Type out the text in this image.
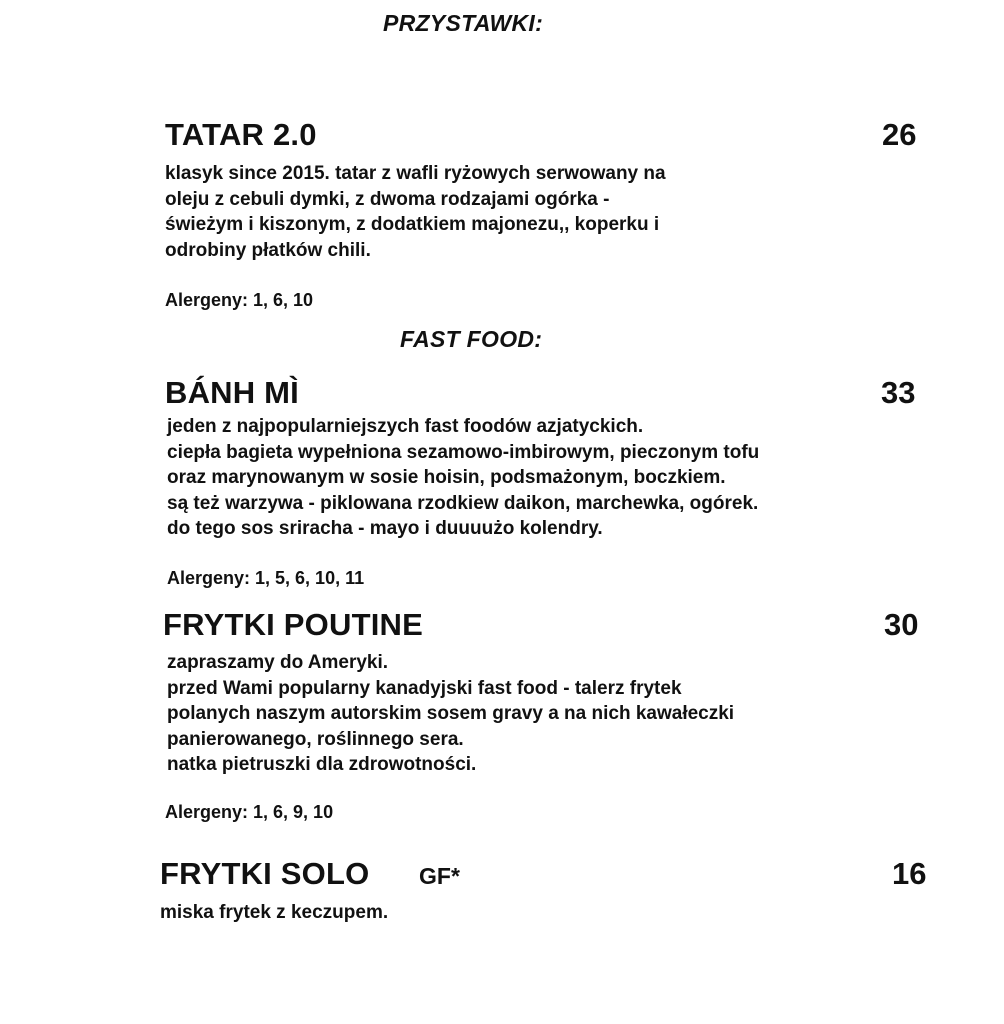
PRZYSTAWKI:
TATAR 2.0	26
klasyk since 2015. tatar z wafli ryżowych serwowany na
oleju z cebuli dymki, z dwoma rodzajami ogórka -
świeżym i kiszonym, z dodatkiem majonezu,, koperku i
odrobiny płatków chili.
Alergeny: 1, 6, 10
FAST FOOD:
BÁNH MÌ	33
jeden z najpopularniejszych fast foodów azjatyckich.
ciepła bagieta wypełniona sezamowo-imbirowym, pieczonym tofu
oraz marynowanym w sosie hoisin, podsmażonym, boczkiem.
są też warzywa - piklowana rzodkiew daikon, marchewka, ogórek.
do tego sos sriracha - mayo i duuuużo kolendry.
Alergeny: 1, 5, 6, 10, 11
FRYTKI POUTINE	30
zapraszamy do Ameryki.
przed Wami popularny kanadyjski fast food - talerz frytek
polanych naszym autorskim sosem gravy a na nich kawałeczki
panierowanego, roślinnego sera.
natka pietruszki dla zdrowotności.
Alergeny: 1, 6, 9, 10
FRYTKI SOLO GF*	16
miska frytek z keczupem.
